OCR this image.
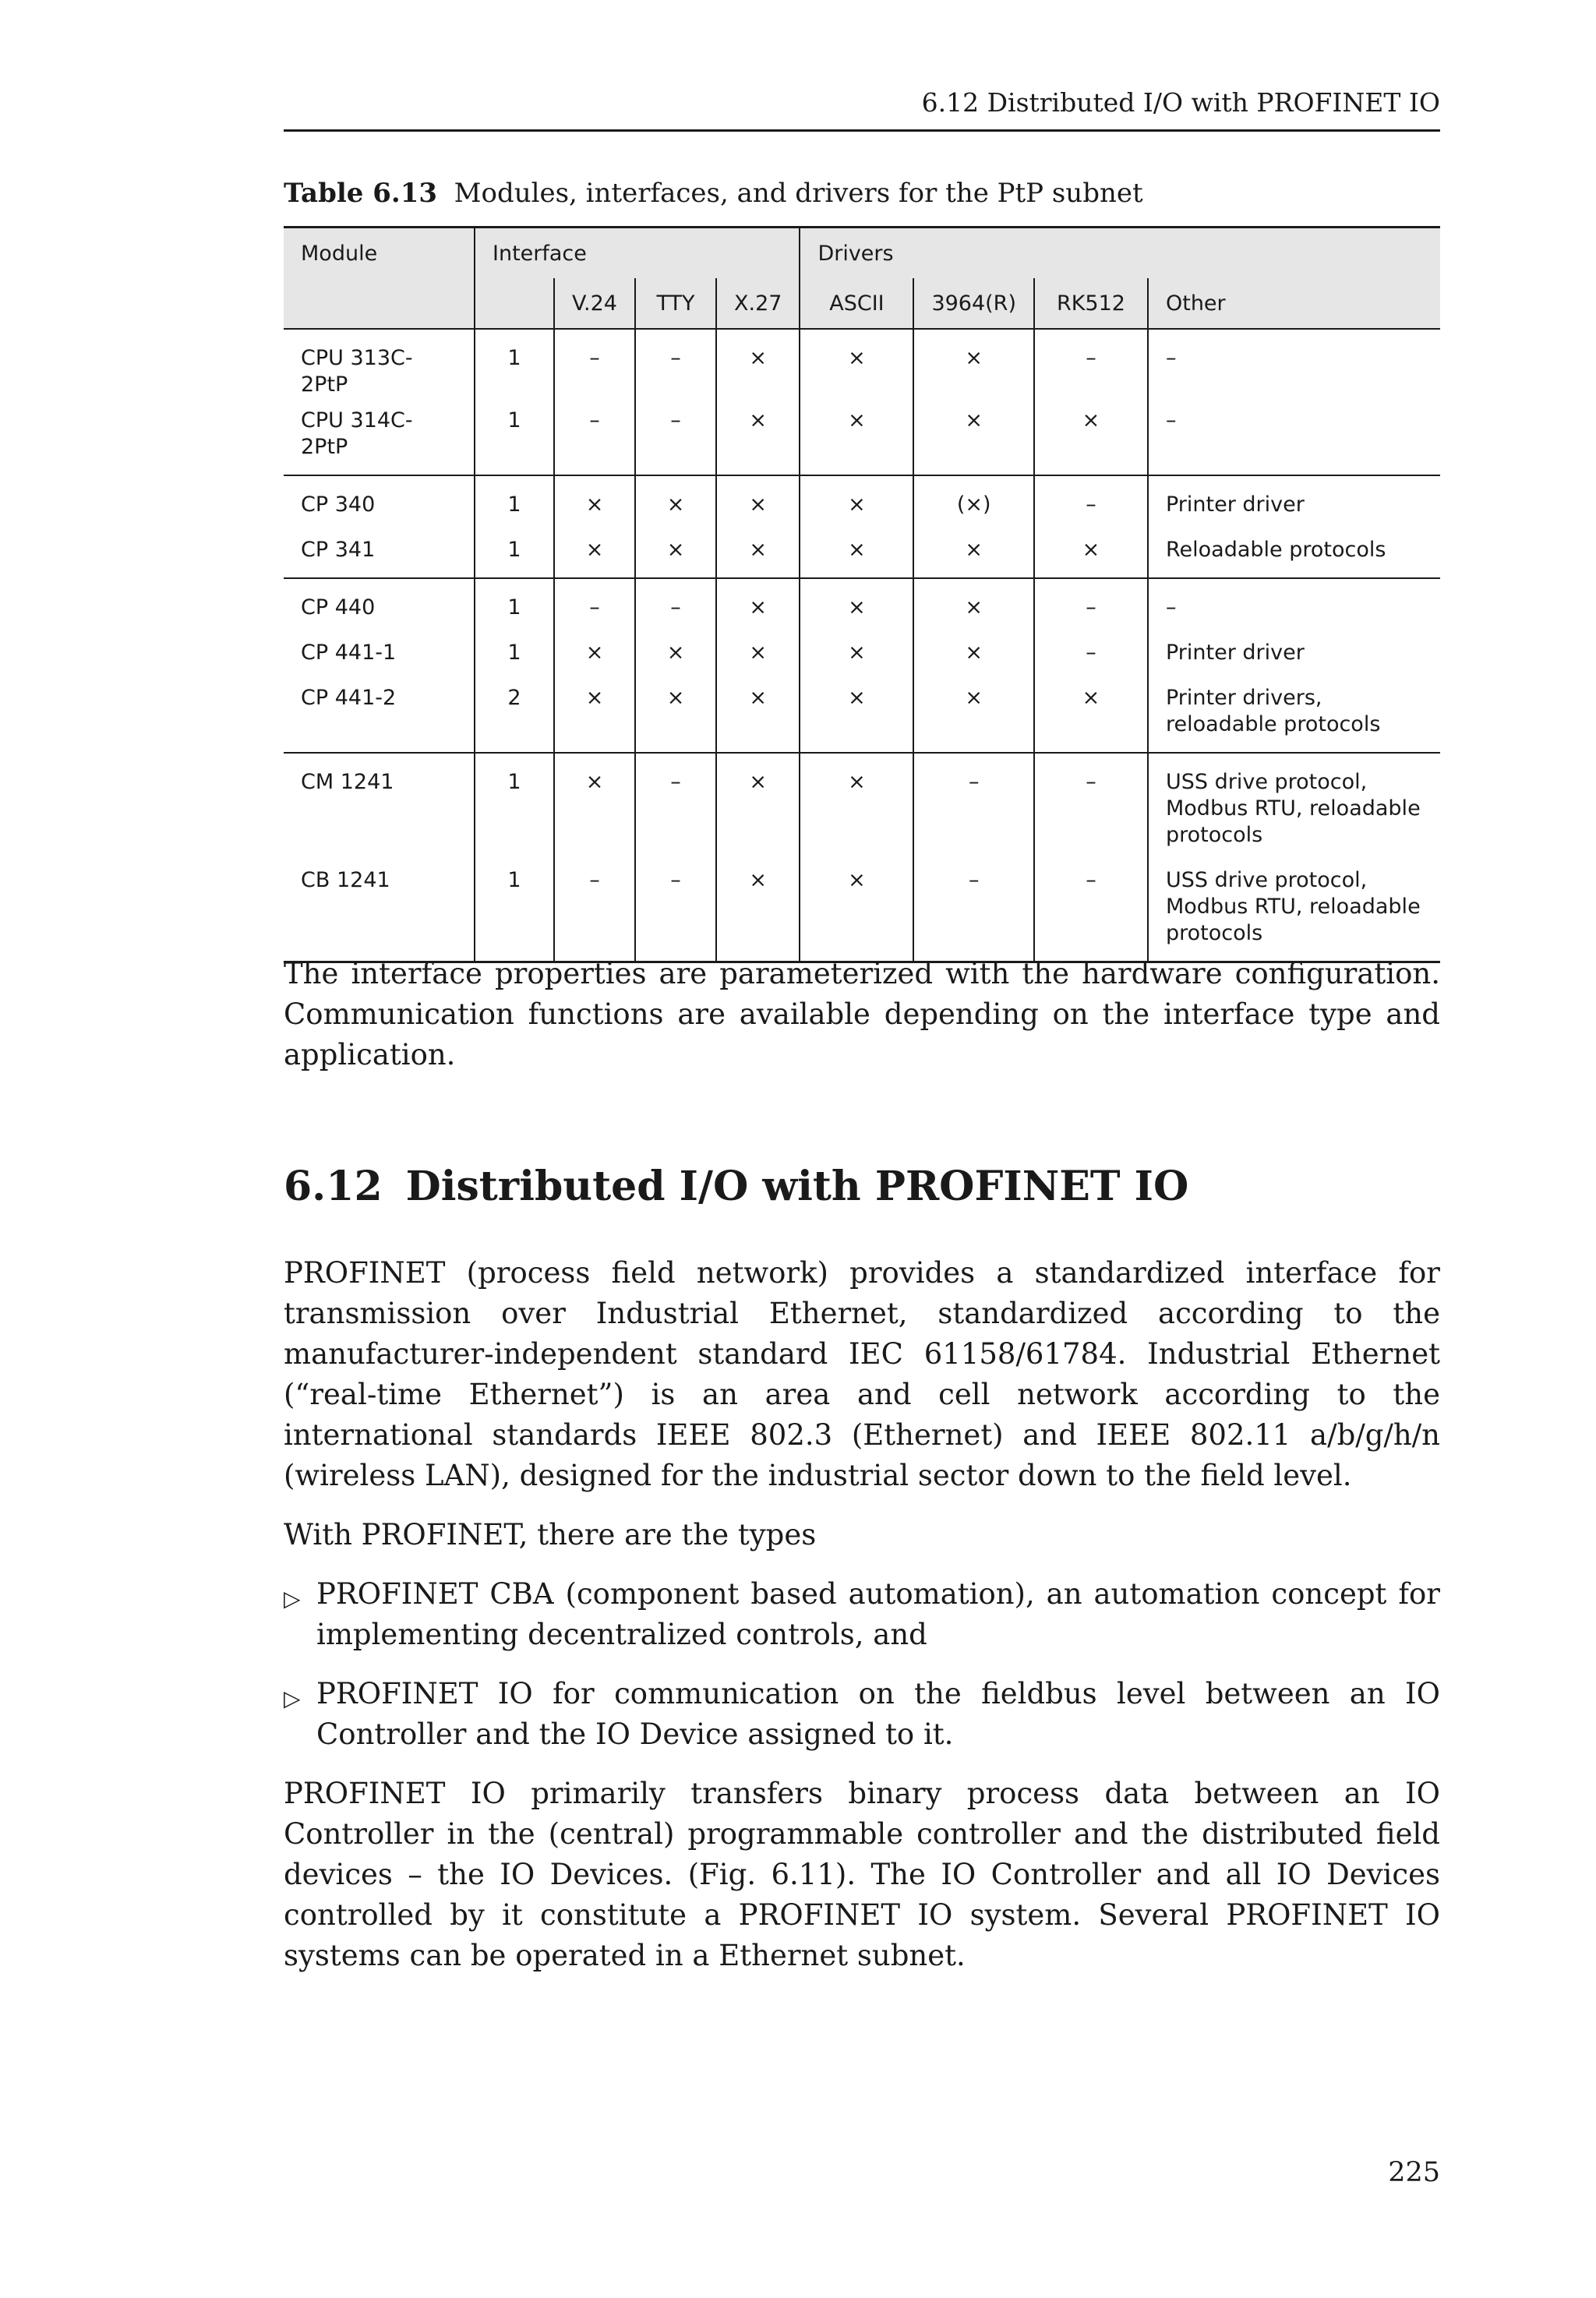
6.12 Distributed I/O with PROFINET IO
Table 6.13 Modules, interfaces, and drivers for the PtP subnet
Module	Interface				Drivers			
		V.24	TTY	X.27	ASCII	3964(R)	RK512	Other
CPU 313C-2PtP	1	–	–	×	×	×	–	–
CPU 314C-2PtP	1	–	–	×	×	×	×	–
CP 340	1	×	×	×	×	(×)	–	Printer driver
CP 341	1	×	×	×	×	×	×	Reloadable protocols
CP 440	1	–	–	×	×	×	–	–
CP 441-1	1	×	×	×	×	×	–	Printer driver
CP 441-2	2	×	×	×	×	×	×	Printer drivers, reloadable protocols
CM 1241	1	×	–	×	×	–	–	USS drive protocol, Modbus RTU, reloadable protocols
CB 1241	1	–	–	×	×	–	–	USS drive protocol, Modbus RTU, reloadable protocols

The interface properties are parameterized with the hardware configuration. Communication functions are available depending on the interface type and application.

6.12 Distributed I/O with PROFINET IO

PROFINET (process field network) provides a standardized interface for transmission over Industrial Ethernet, standardized according to the manufacturer-independent standard IEC 61158/61784. Industrial Ethernet (“real-time Ethernet”) is an area and cell network according to the international standards IEEE 802.3 (Ethernet) and IEEE 802.11 a/b/g/h/n (wireless LAN), designed for the industrial sector down to the field level.

With PROFINET, there are the types

▷ PROFINET CBA (component based automation), an automation concept for implementing decentralized controls, and
▷ PROFINET IO for communication on the fieldbus level between an IO Controller and the IO Device assigned to it.

PROFINET IO primarily transfers binary process data between an IO Controller in the (central) programmable controller and the distributed field devices – the IO Devices. (Fig. 6.11). The IO Controller and all IO Devices controlled by it constitute a PROFINET IO system. Several PROFINET IO systems can be operated in a Ethernet subnet.

225
